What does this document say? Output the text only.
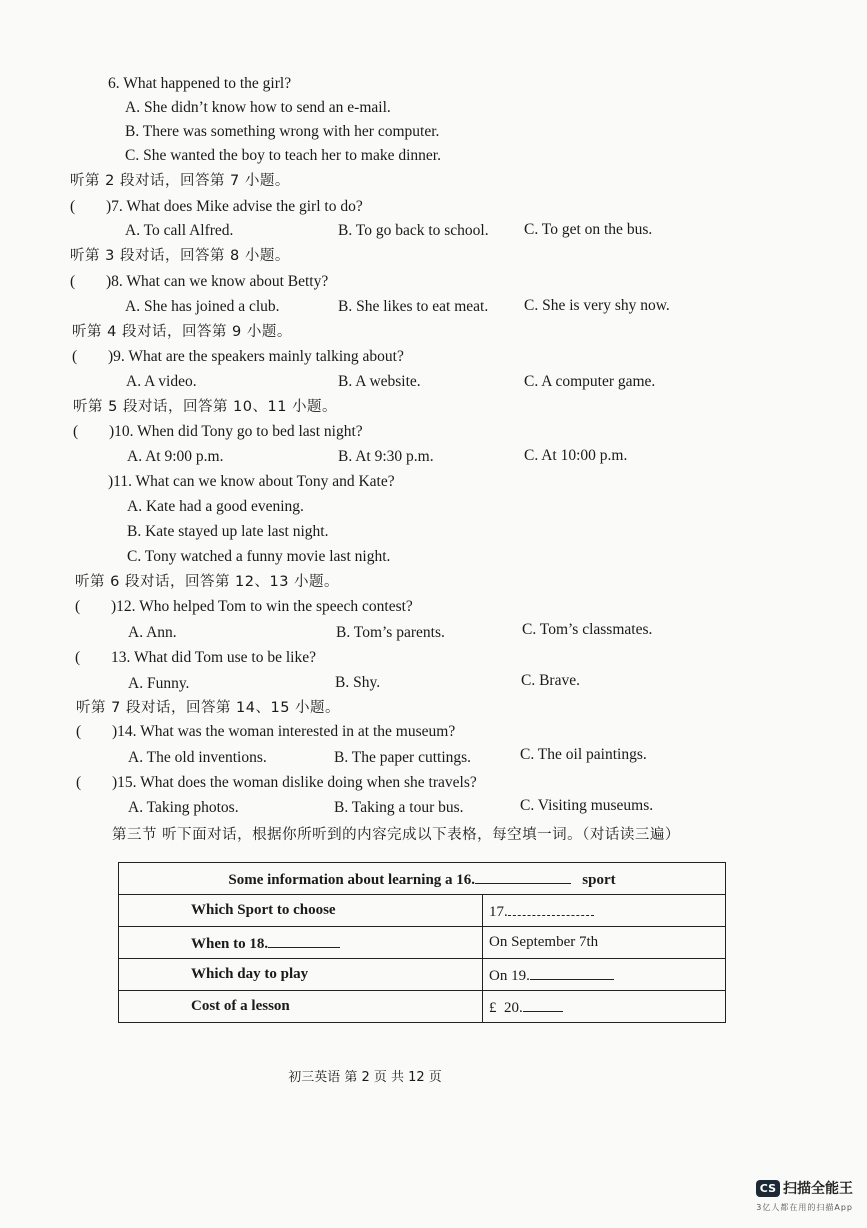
6. What happened to the girl?
A. She didn’t know how to send an e-mail.
B. There was something wrong with her computer.
C. She wanted the boy to teach her to make dinner.
听第 2 段对话，回答第 7 小题。
( )7. What does Mike advise the girl to do?
A. To call Alfred.	B. To go back to school. C. To get on the bus.
听第 3 段对话，回答第 8 小题。
( )8. What can we know about Betty?
A. She has joined a club.	B. She likes to eat meat. C. She is very shy now.
听第 4 段对话，回答第 9 小题。
( )9. What are the speakers mainly talking about?
A. A video.	B. A website.	C. A computer game.
听第 5 段对话，回答第 10、11 小题。
( )10. When did Tony go to bed last night?
A. At 9:00 p.m.	B. At 9:30 p.m.	C. At 10:00 p.m.
)11. What can we know about Tony and Kate?
A. Kate had a good evening.
B. Kate stayed up late last night.
C. Tony watched a funny movie last night.
听第 6 段对话，回答第 12、13 小题。
( )12. Who helped Tom to win the speech contest?
A. Ann.	B. Tom’s parents.	C. Tom’s classmates.
( 13. What did Tom use to be like?
A. Funny.	B. Shy.	C. Brave.
听第 7 段对话，回答第 14、15 小题。
( )14. What was the woman interested in at the museum?
A. The old inventions.	B. The paper cuttings.	C. The oil paintings.
( )15. What does the woman dislike doing when she travels?
A. Taking photos.	B. Taking a tour bus.	C. Visiting museums.
第三节 听下面对话，根据你所听到的内容完成以下表格，每空填一词。（对话读三遍）
Some information about learning a 16. sport	
Which Sport to choose	17.
When to 18.	On September 7th
Which day to play	On 19.
Cost of a lesson	£ 20.
初三英语 第 2 页 共 12 页
CS 扫描全能王
3亿人都在用的扫描App
